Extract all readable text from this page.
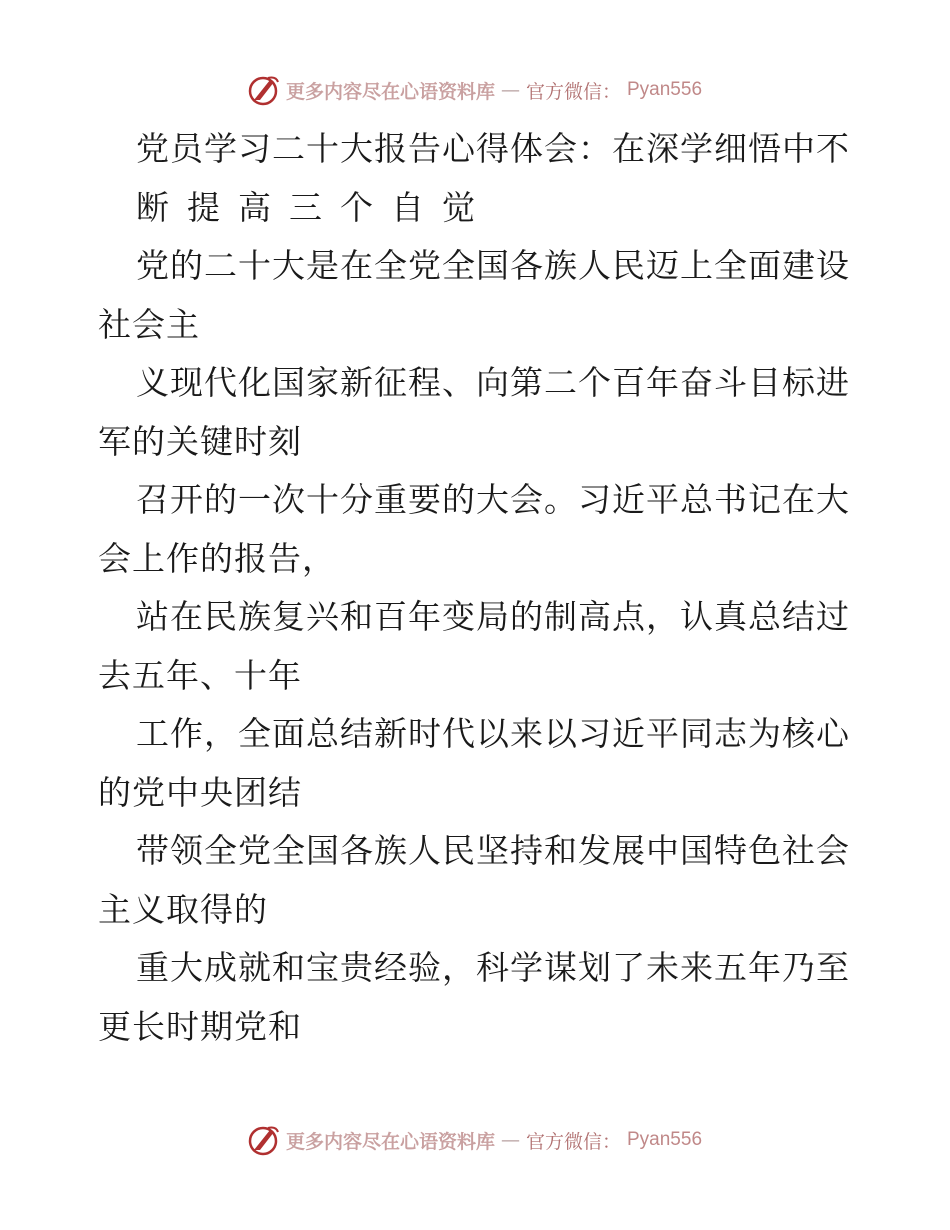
更多内容尽在心语资料库 — 官方微信： Pyan556
党员学习二十大报告心得体会：在深学细悟中不
断提高三个自觉
党的二十大是在全党全国各族人民迈上全面建设
社会主
义现代化国家新征程、向第二个百年奋斗目标进
军的关键时刻
召开的一次十分重要的大会。习近平总书记在大
会上作的报告，
站在民族复兴和百年变局的制高点，认真总结过
去五年、十年
工作，全面总结新时代以来以习近平同志为核心
的党中央团结
带领全党全国各族人民坚持和发展中国特色社会
主义取得的
重大成就和宝贵经验，科学谋划了未来五年乃至
更长时期党和
更多内容尽在心语资料库 — 官方微信： Pyan556
